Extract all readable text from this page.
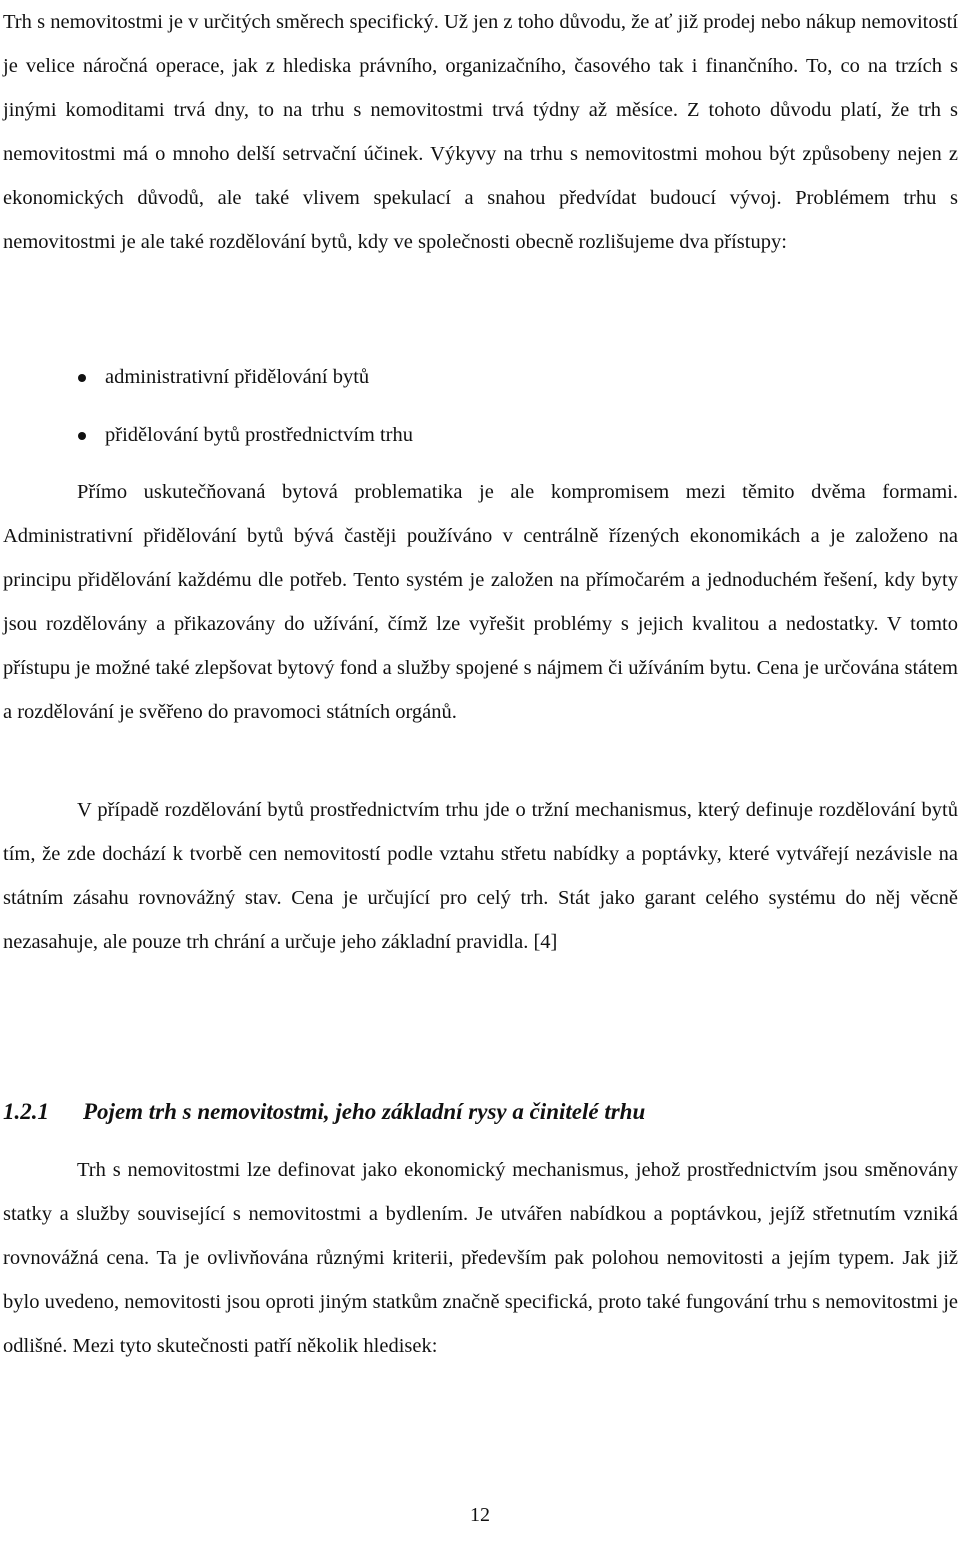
Trh s nemovitostmi je v určitých směrech specifický. Už jen z toho důvodu, že ať již prodej nebo nákup nemovitostí je velice náročná operace, jak z hlediska právního, organizačního, časového tak i finančního. To, co na trzích s jinými komoditami trvá dny, to na trhu s nemovitostmi trvá týdny až měsíce. Z tohoto důvodu platí, že trh s nemovitostmi má o mnoho delší setrvační účinek. Výkyvy na trhu s nemovitostmi mohou být způsobeny nejen z ekonomických důvodů, ale také vlivem spekulací a snahou předvídat budoucí vývoj. Problémem trhu s nemovitostmi je ale také rozdělování bytů, kdy ve společnosti obecně rozlišujeme dva přístupy:

administrativní přidělování bytů
přidělování bytů prostřednictvím trhu

Přímo uskutečňovaná bytová problematika je ale kompromisem mezi těmito dvěma formami. Administrativní přidělování bytů bývá častěji používáno v centrálně řízených ekonomikách a je založeno na principu přidělování každému dle potřeb. Tento systém je založen na přímočarém a jednoduchém řešení, kdy byty jsou rozdělovány a přikazovány do užívání, čímž lze vyřešit problémy s jejich kvalitou a nedostatky. V tomto přístupu je možné také zlepšovat bytový fond a služby spojené s nájmem či užíváním bytu. Cena je určována státem a rozdělování je svěřeno do pravomoci státních orgánů.

V případě rozdělování bytů prostřednictvím trhu jde o tržní mechanismus, který definuje rozdělování bytů tím, že zde dochází k tvorbě cen nemovitostí podle vztahu střetu nabídky a poptávky, které vytvářejí nezávisle na státním zásahu rovnovážný stav. Cena je určující pro celý trh. Stát jako garant celého systému do něj věcně nezasahuje, ale pouze trh chrání a určuje jeho základní pravidla. [4]

1.2.1 Pojem trh s nemovitostmi, jeho základní rysy a činitelé trhu

Trh s nemovitostmi lze definovat jako ekonomický mechanismus, jehož prostřednictvím jsou směnovány statky a služby související s nemovitostmi a bydlením. Je utvářen nabídkou a poptávkou, jejíž střetnutím vzniká rovnovážná cena. Ta je ovlivňována různými kriterii, především pak polohou nemovitosti a jejím typem. Jak již bylo uvedeno, nemovitosti jsou oproti jiným statkům značně specifická, proto také fungování trhu s nemovitostmi je odlišné. Mezi tyto skutečnosti patří několik hledisek:

12
